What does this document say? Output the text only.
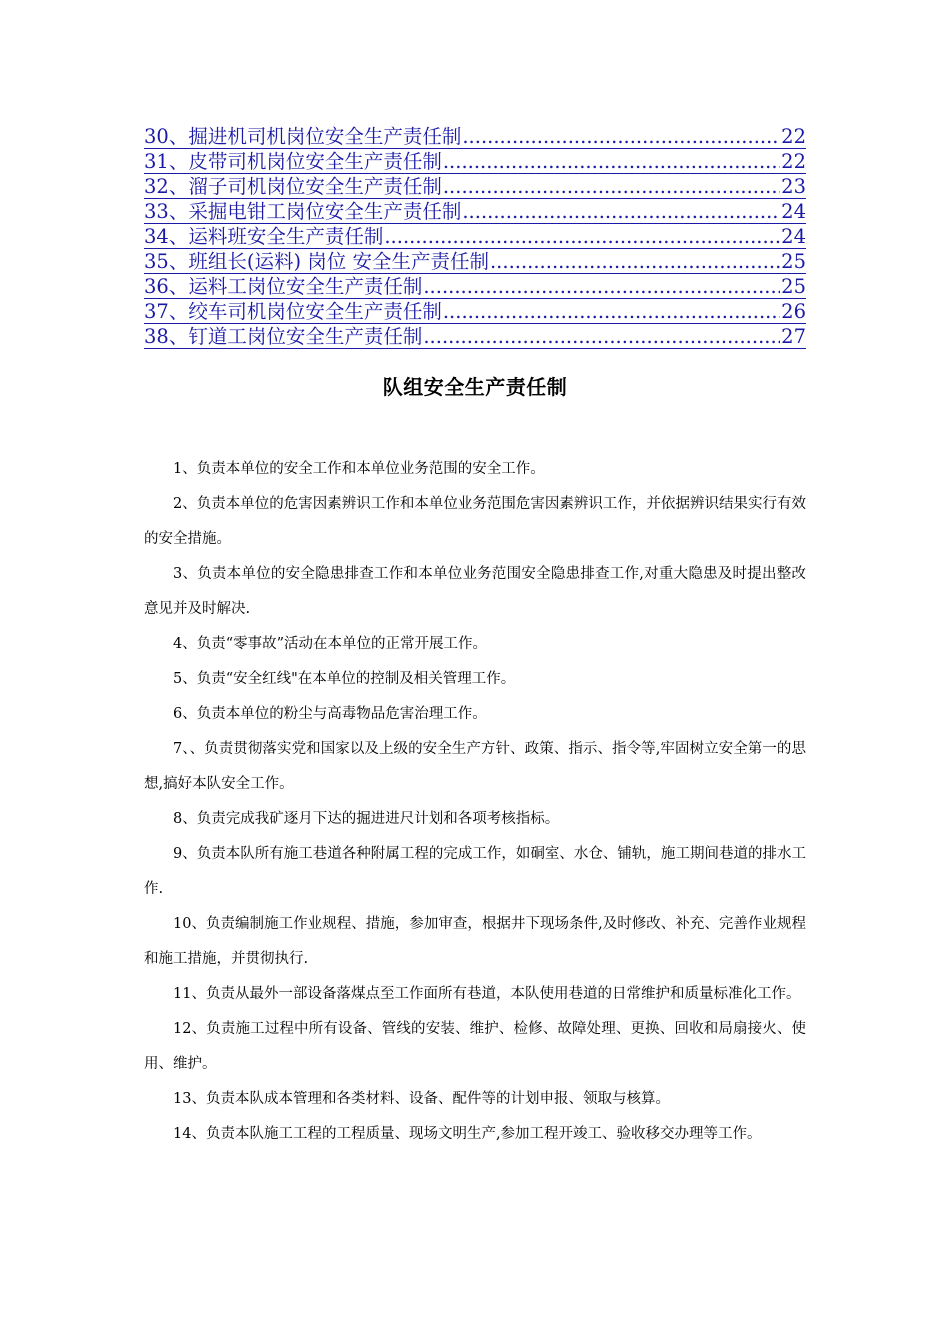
30 、 掘进机司机岗位安全生产责任制 .....	22
31 、 皮带司机岗位安全生产责任制 .....	22
32 、 溜子司机岗位安全生产责任制 .....	23
33 、 采掘电钳工岗位安全生产责任制 .....	24
34 、 运料班安全生产责任制 .....	24
35 、 班组长(运料) 岗位 安全生产责任制 .....	25
36 、 运料工岗位安全生产责任制 .....	25
37 、 绞车司机岗位安全生产责任制 .....	26
38 、 钉道工岗位安全生产责任制 .....	27
队组安全生产责任制

1、负责本单位的安全工作和本单位业务范围的安全工作。

2、负责本单位的危害因素辨识工作和本单位业务范围危害因素辨识工作，并依据辨识结果实行有效的安全措施。

3、负责本单位的安全隐患排查工作和本单位业务范围安全隐患排查工作,对重大隐患及时提出整改意见并及时解决.

4、负责“零事故”活动在本单位的正常开展工作。

5、负责“安全红线"在本单位的控制及相关管理工作。

6、负责本单位的粉尘与高毒物品危害治理工作。

7、、负责贯彻落实党和国家以及上级的安全生产方针、政策、指示、指令等,牢固树立安全第一的思想,搞好本队安全工作。

8、负责完成我矿逐月下达的掘进进尺计划和各项考核指标。

9、负责本队所有施工巷道各种附属工程的完成工作，如硐室、水仓、铺轨，施工期间巷道的排水工作.

10、负责编制施工作业规程、措施，参加审查，根据井下现场条件,及时修改、补充、完善作业规程和施工措施，并贯彻执行.

11、负责从最外一部设备落煤点至工作面所有巷道，本队使用巷道的日常维护和质量标准化工作。

12、负责施工过程中所有设备、管线的安装、维护、检修、故障处理、更换、回收和局扇接火、使用、维护。

13、负责本队成本管理和各类材料、设备、配件等的计划申报、领取与核算。

14、负责本队施工工程的工程质量、现场文明生产,参加工程开竣工、验收移交办理等工作。
